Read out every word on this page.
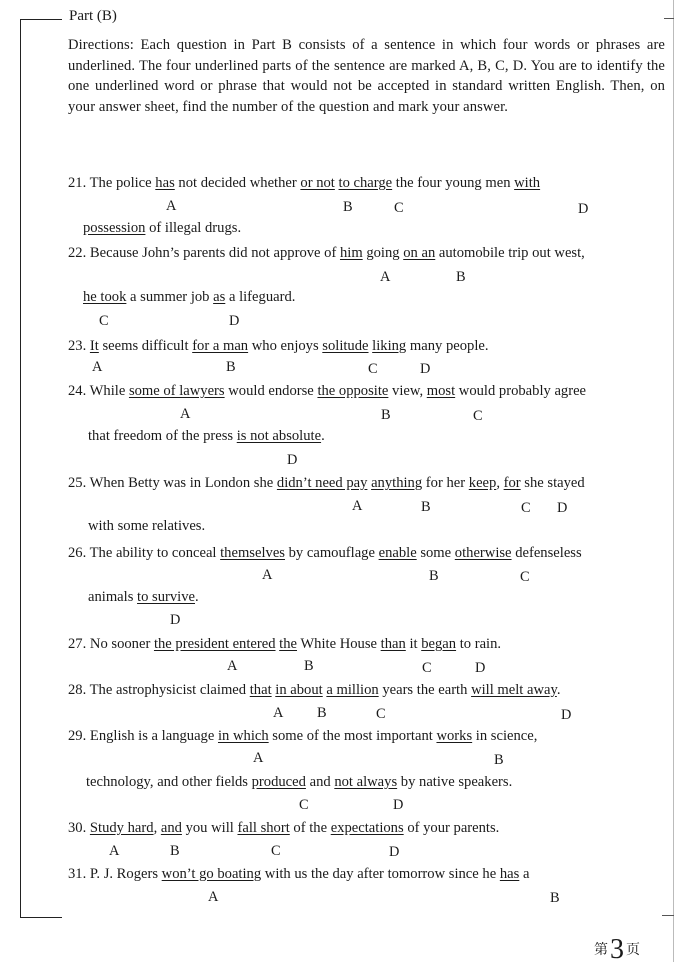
Part (B)
Directions: Each question in Part B consists of a sentence in which four words or phrases are underlined. The four underlined parts of the sentence are marked A, B, C, D. You are to identify the one underlined word or phrase that would not be accepted in standard written English. Then, on your answer sheet, find the number of the question and mark your answer.
21. The police has not decided whether or not to charge the four young men with
A	B	C	D
possession of illegal drugs.
22. Because John’s parents did not approve of him going on an automobile trip out west,
A	B
he took a summer job as a lifeguard.
C	D
23. It seems difficult for a man who enjoys solitude liking many people.
A	B	C	D
24. While some of lawyers would endorse the opposite view, most would probably agree
A	B	C
that freedom of the press is not absolute.
D
25. When Betty was in London she didn’t need pay anything for her keep, for she stayed
A	B	C D
with some relatives.
26. The ability to conceal themselves by camouflage enable some otherwise defenseless
A	B	C
animals to survive.
D
27. No sooner the president entered the White House than it began to rain.
A	B	C	D
28. The astrophysicist claimed that in about a million years the earth will melt away.
A B	C	D
29. English is a language in which some of the most important works in science,
A	B
technology, and other fields produced and not always by native speakers.
C	D
30. Study hard, and you will fall short of the expectations of your parents.
A	B	C	D
31. P. J. Rogers won’t go boating with us the day after tomorrow since he has a
A	B
第3 页
